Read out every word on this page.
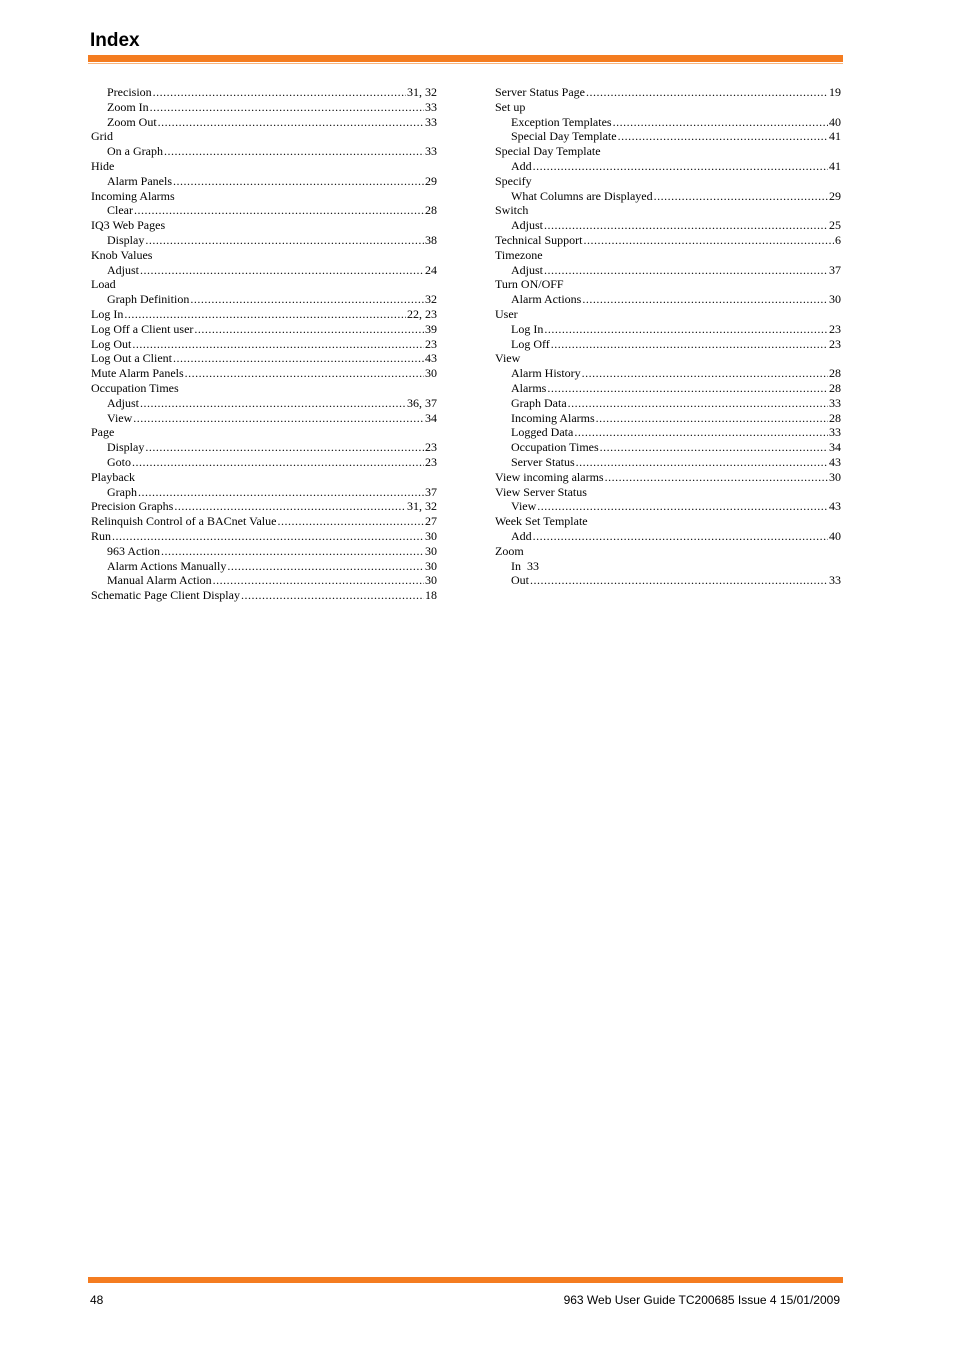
Index
Precision .....	31, 32
Zoom In .....	33
Zoom Out .....	33
Grid
On a Graph .....	33
Hide
Alarm Panels .....	29
Incoming Alarms
Clear .....	28
IQ3 Web Pages
Display .....	38
Knob Values
Adjust .....	24
Load
Graph Definition .....	32
Log In .....	22, 23
Log Off a Client user .....	39
Log Out .....	23
Log Out a Client .....	43
Mute Alarm Panels .....	30
Occupation Times
Adjust .....	36, 37
View .....	34
Page
Display .....	23
Goto .....	23
Playback
Graph .....	37
Precision Graphs .....	31, 32
Relinquish Control of a BACnet Value .....	27
Run .....	30
963 Action .....	30
Alarm Actions Manually .....	30
Manual Alarm Action .....	30
Schematic Page Client Display .....	18
Server Status Page .....	19
Set up
Exception Templates .....	40
Special Day Template .....	41
Special Day Template
Add .....	41
Specify
What Columns are Displayed .....	29
Switch
Adjust .....	25
Technical Support .....	6
Timezone
Adjust .....	37
Turn ON/OFF
Alarm Actions .....	30
User
Log In .....	23
Log Off .....	23
View
Alarm History .....	28
Alarms .....	28
Graph Data .....	33
Incoming Alarms .....	28
Logged Data .....	33
Occupation Times .....	34
Server Status .....	43
View incoming alarms .....	30
View Server Status
View .....	43
Week Set Template
Add .....	40
Zoom
In 33
Out .....	33
48	963 Web User Guide TC200685 Issue 4 15/01/2009
